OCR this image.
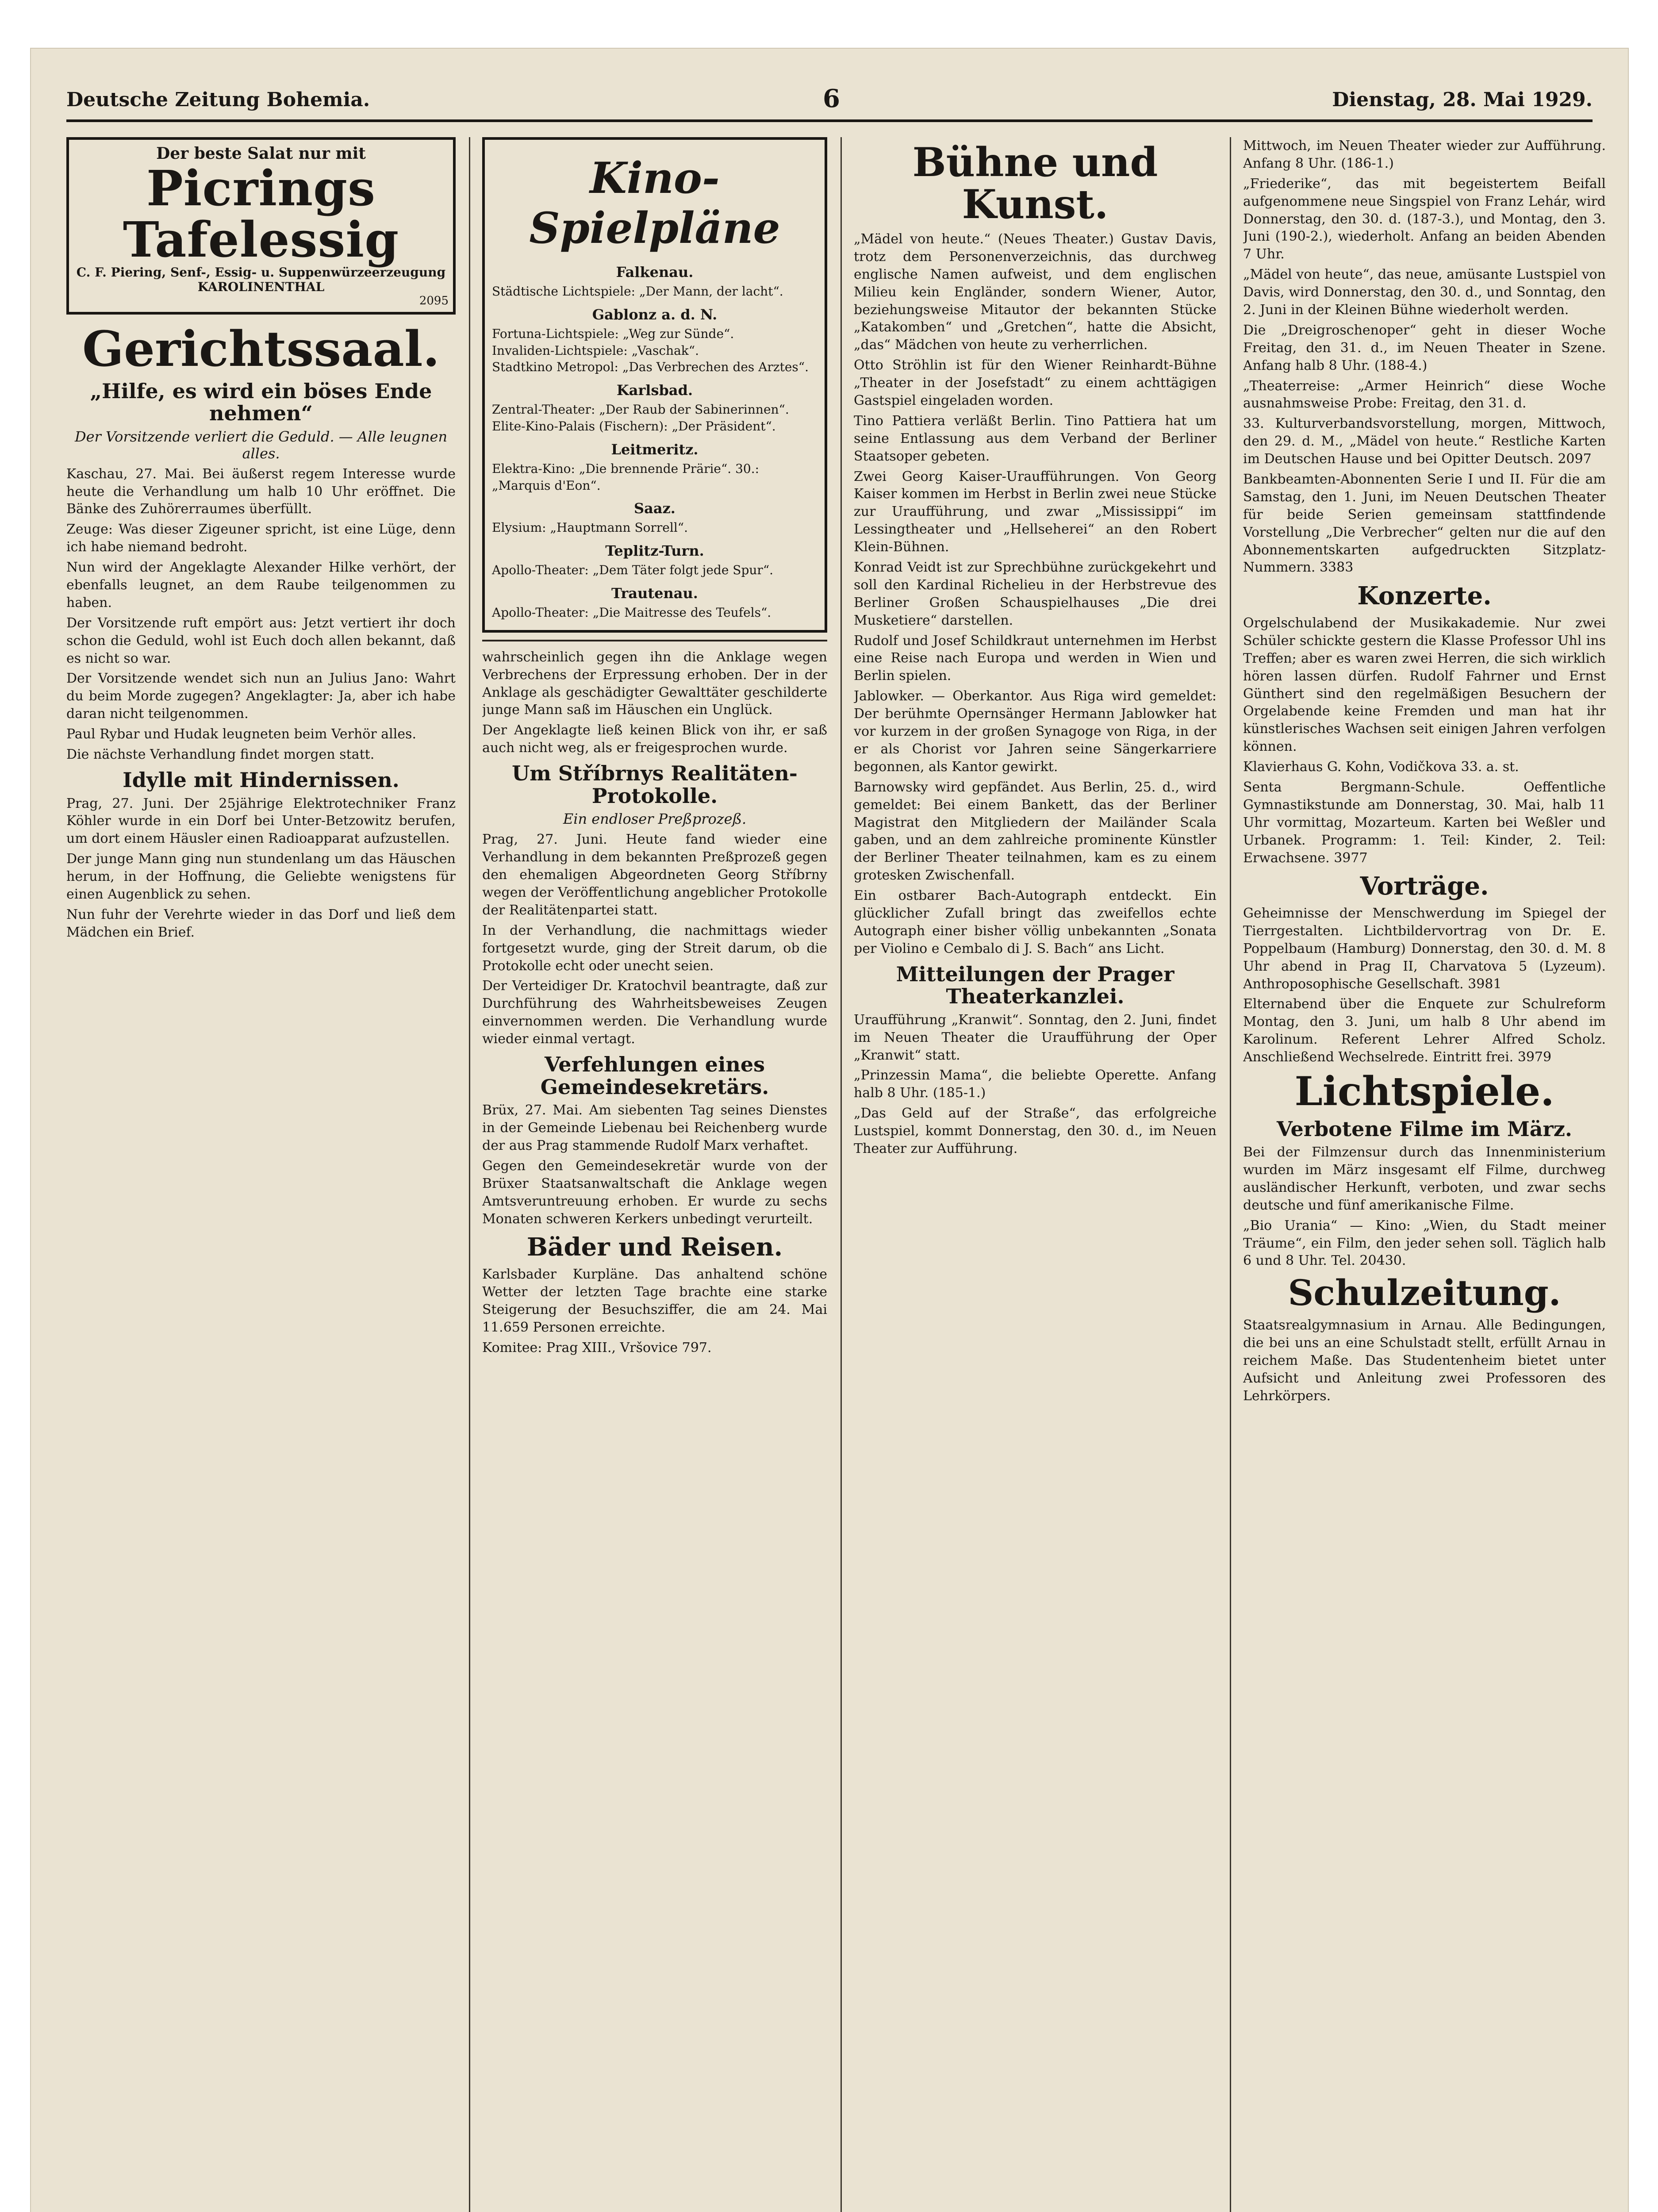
Deutsche Zeitung Bohemia.	6	Dienstag, 28. Mai 1929.
Der beste Salat nur mit
Picrings Tafelessig
C. F. Piering, Senf-, Essig- u. Suppenwürzeerzeugung
KAROLINENTHAL
2095
Gerichtssaal.
„Hilfe, es wird ein böses Ende nehmen“
Der Vorsitzende verliert die Geduld. — Alle leugnen alles.

Kaschau, 27. Mai. Bei äußerst regem Interesse wurde heute die Verhandlung um halb 10 Uhr eröffnet. Die Bänke des Zuhörerraumes überfüllt.

Zeuge: Was dieser Zigeuner spricht, ist eine Lüge, denn ich habe niemand bedroht.

Nun wird der Angeklagte Alexander Hilke verhört, der ebenfalls leugnet, an dem Raube teilgenommen zu haben.

Der Vorsitzende ruft empört aus: Jetzt vertiert ihr doch schon die Geduld, wohl ist Euch doch allen bekannt, daß es nicht so war.

Der Vorsitzende wendet sich nun an Julius Jano: Wahrt du beim Morde zugegen? Angeklagter: Ja, aber ich habe daran nicht teilgenommen.

Paul Rybar und Hudak leugneten beim Verhör alles.

Die nächste Verhandlung findet morgen statt.

Idylle mit Hindernissen.

Prag, 27. Juni. Der 25jährige Elektrotechniker Franz Köhler wurde in ein Dorf bei Unter-Betzowitz berufen, um dort einem Häusler einen Radioapparat aufzustellen.

Der junge Mann ging nun stundenlang um das Häuschen herum, in der Hoffnung, die Geliebte wenigstens für einen Augenblick zu sehen.

Nun fuhr der Verehrte wieder in das Dorf und ließ dem Mädchen ein Brief.

Kino-Spielpläne
Falkenau.
Städtische Lichtspiele: „Der Mann, der lacht“.
Gablonz a. d. N.
Fortuna-Lichtspiele: „Weg zur Sünde“.
Invaliden-Lichtspiele: „Vaschak“.
Stadtkino Metropol: „Das Verbrechen des Arztes“.
Karlsbad.
Zentral-Theater: „Der Raub der Sabinerinnen“.
Elite-Kino-Palais (Fischern): „Der Präsident“.
Leitmeritz.
Elektra-Kino: „Die brennende Prärie“. 30.: „Marquis d'Eon“.
Saaz.
Elysium: „Hauptmann Sorrell“.
Teplitz-Turn.
Apollo-Theater: „Dem Täter folgt jede Spur“.
Trautenau.
Apollo-Theater: „Die Maitresse des Teufels“.

wahrscheinlich gegen ihn die Anklage wegen Verbrechens der Erpressung erhoben. Der in der Anklage als geschädigter Gewalttäter geschilderte junge Mann saß im Häuschen ein Unglück.

Der Angeklagte ließ keinen Blick von ihr, er saß auch nicht weg, als er freigesprochen wurde.

Um Stříbrnys Realitäten-Protokolle.
Ein endloser Preßprozeß.

Prag, 27. Juni. Heute fand wieder eine Verhandlung in dem bekannten Preßprozeß gegen den ehemaligen Abgeordneten Georg Stříbrny wegen der Veröffentlichung angeblicher Protokolle der Realitätenpartei statt.

In der Verhandlung, die nachmittags wieder fortgesetzt wurde, ging der Streit darum, ob die Protokolle echt oder unecht seien.

Der Verteidiger Dr. Kratochvil beantragte, daß zur Durchführung des Wahrheitsbeweises Zeugen einvernommen werden. Die Verhandlung wurde wieder einmal vertagt.

Verfehlungen eines Gemeindesekretärs.

Brüx, 27. Mai. Am siebenten Tag seines Dienstes in der Gemeinde Liebenau bei Reichenberg wurde der aus Prag stammende Rudolf Marx verhaftet.

Gegen den Gemeindesekretär wurde von der Brüxer Staatsanwaltschaft die Anklage wegen Amtsveruntreuung erhoben. Er wurde zu sechs Monaten schweren Kerkers unbedingt verurteilt.

Bäder und Reisen.

Karlsbader Kurpläne. Das anhaltend schöne Wetter der letzten Tage brachte eine starke Steigerung der Besuchsziffer, die am 24. Mai 11.659 Personen erreichte.

Komitee: Prag XIII., Vršovice 797.

Bühne und Kunst.

„Mädel von heute.“ (Neues Theater.) Gustav Davis, trotz dem Personenverzeichnis, das durchweg englische Namen aufweist, und dem englischen Milieu kein Engländer, sondern Wiener, Autor, beziehungsweise Mitautor der bekannten Stücke „Katakomben“ und „Gretchen“, hatte die Absicht, „das“ Mädchen von heute zu verherrlichen.

Otto Ströhlin ist für den Wiener Reinhardt-Bühne „Theater in der Josefstadt“ zu einem achttägigen Gastspiel eingeladen worden.

Tino Pattiera verläßt Berlin. Tino Pattiera hat um seine Entlassung aus dem Verband der Berliner Staatsoper gebeten.

Zwei Georg Kaiser-Uraufführungen. Von Georg Kaiser kommen im Herbst in Berlin zwei neue Stücke zur Uraufführung, und zwar „Mississippi“ im Lessingtheater und „Hellseherei“ an den Robert Klein-Bühnen.

Konrad Veidt ist zur Sprechbühne zurückgekehrt und soll den Kardinal Richelieu in der Herbstrevue des Berliner Großen Schauspielhauses „Die drei Musketiere“ darstellen.

Rudolf und Josef Schildkraut unternehmen im Herbst eine Reise nach Europa und werden in Wien und Berlin spielen.

Jablowker. — Oberkantor. Aus Riga wird gemeldet: Der berühmte Opernsänger Hermann Jablowker hat vor kurzem in der großen Synagoge von Riga, in der er als Chorist vor Jahren seine Sängerkarriere begonnen, als Kantor gewirkt.

Barnowsky wird gepfändet. Aus Berlin, 25. d., wird gemeldet: Bei einem Bankett, das der Berliner Magistrat den Mitgliedern der Mailänder Scala gaben, und an dem zahlreiche prominente Künstler der Berliner Theater teilnahmen, kam es zu einem grotesken Zwischenfall.

Ein ostbarer Bach-Autograph entdeckt. Ein glücklicher Zufall bringt das zweifellos echte Autograph einer bisher völlig unbekannten „Sonata per Violino e Cembalo di J. S. Bach“ ans Licht.

Mitteilungen der Prager Theaterkanzlei.

Uraufführung „Kranwit“. Sonntag, den 2. Juni, findet im Neuen Theater die Uraufführung der Oper „Kranwit“ statt.

„Prinzessin Mama“, die beliebte Operette. Anfang halb 8 Uhr. (185-1.)

„Das Geld auf der Straße“, das erfolgreiche Lustspiel, kommt Donnerstag, den 30. d., im Neuen Theater zur Aufführung.

Mittwoch, im Neuen Theater wieder zur Aufführung. Anfang 8 Uhr. (186-1.)

„Friederike“, das mit begeistertem Beifall aufgenommene neue Singspiel von Franz Lehár, wird Donnerstag, den 30. d. (187-3.), und Montag, den 3. Juni (190-2.), wiederholt. Anfang an beiden Abenden 7 Uhr.

„Mädel von heute“, das neue, amüsante Lustspiel von Davis, wird Donnerstag, den 30. d., und Sonntag, den 2. Juni in der Kleinen Bühne wiederholt werden.

Die „Dreigroschenoper“ geht in dieser Woche Freitag, den 31. d., im Neuen Theater in Szene. Anfang halb 8 Uhr. (188-4.)

„Theaterreise: „Armer Heinrich“ diese Woche ausnahmsweise Probe: Freitag, den 31. d.

33. Kulturverbandsvorstellung, morgen, Mittwoch, den 29. d. M., „Mädel von heute.“ Restliche Karten im Deutschen Hause und bei Opitter Deutsch. 2097

Bankbeamten-Abonnenten Serie I und II. Für die am Samstag, den 1. Juni, im Neuen Deutschen Theater für beide Serien gemeinsam stattfindende Vorstellung „Die Verbrecher“ gelten nur die auf den Abonnementskarten aufgedruckten Sitzplatz-Nummern. 3383

Konzerte.

Orgelschulabend der Musikakademie. Nur zwei Schüler schickte gestern die Klasse Professor Uhl ins Treffen; aber es waren zwei Herren, die sich wirklich hören lassen dürfen. Rudolf Fahrner und Ernst Günthert sind den regelmäßigen Besuchern der Orgelabende keine Fremden und man hat ihr künstlerisches Wachsen seit einigen Jahren verfolgen können.

Klavierhaus G. Kohn, Vodičkova 33. a. st.

Senta Bergmann-Schule. Oeffentliche Gymnastikstunde am Donnerstag, 30. Mai, halb 11 Uhr vormittag, Mozarteum. Karten bei Weßler und Urbanek. Programm: 1. Teil: Kinder, 2. Teil: Erwachsene. 3977

Vorträge.

Geheimnisse der Menschwerdung im Spiegel der Tierrgestalten. Lichtbildervortrag von Dr. E. Poppelbaum (Hamburg) Donnerstag, den 30. d. M. 8 Uhr abend in Prag II, Charvatova 5 (Lyzeum). Anthroposophische Gesellschaft. 3981

Elternabend über die Enquete zur Schulreform Montag, den 3. Juni, um halb 8 Uhr abend im Karolinum. Referent Lehrer Alfred Scholz. Anschließend Wechselrede. Eintritt frei. 3979

Lichtspiele.
Verbotene Filme im März.

Bei der Filmzensur durch das Innenministerium wurden im März insgesamt elf Filme, durchweg ausländischer Herkunft, verboten, und zwar sechs deutsche und fünf amerikanische Filme.

„Bio Urania“ — Kino: „Wien, du Stadt meiner Träume“, ein Film, den jeder sehen soll. Täglich halb 6 und 8 Uhr. Tel. 20430.

Schulzeitung.

Staatsrealgymnasium in Arnau. Alle Bedingungen, die bei uns an eine Schulstadt stellt, erfüllt Arnau in reichem Maße. Das Studentenheim bietet unter Aufsicht und Anleitung zwei Professoren des Lehrkörpers.
